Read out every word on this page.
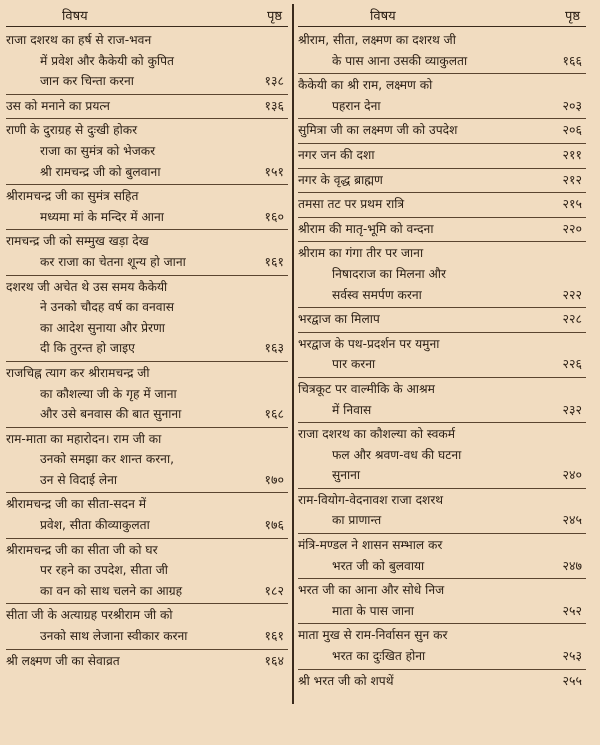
विषय	पृष्ठ
राजा दशरथ का हर्ष से राज-भवन
में प्रवेश और कैकेयी को कुपित
जान कर चिन्ता करना	१३८
उस को मनाने का प्रयत्न	१३६
राणी के दुराग्रह से दुःखी होकर
राजा का सुमंत्र को भेजकर
श्री रामचन्द्र जी को बुलवाना	१५१
श्रीरामचन्द्र जी का सुमंत्र सहित
मध्यमा मां के मन्दिर में आना	१६०
रामचन्द्र जी को सम्मुख खड़ा देख
कर राजा का चेतना शून्य हो जाना	१६१
दशरथ जी अचेत थे उस समय कैकेयी
ने उनको चौदह वर्ष का वनवास
का आदेश सुनाया और प्रेरणा
दी कि तुरन्त हो जाइए	१६३
राजचिह्न त्याग कर श्रीरामचन्द्र जी
का कौशल्या जी के गृह में जाना
और उसे बनवास की बात सुनाना	१६८
राम-माता का महारोदन। राम जी का
उनको समझा कर शान्त करना,
उन से विदाई लेना	१७०
श्रीरामचन्द्र जी का सीता-सदन में
प्रवेश, सीता कीव्याकुलता	१७६
श्रीरामचन्द्र जी का सीता जी को घर
पर रहने का उपदेश, सीता जी
का वन को साथ चलने का आग्रह	१८२
सीता जी के अत्याग्रह परश्रीराम जी को
उनको साथ लेजाना स्वीकार करना	१६१
श्री लक्ष्मण जी का सेवाव्रत	१६४
विषय	पृष्ठ
श्रीराम, सीता, लक्ष्मण का दशरथ जी
के पास आना उसकी व्याकुलता	१६६
कैकेयी का श्री राम, लक्ष्मण को
पहरान देना	२०३
सुमित्रा जी का लक्ष्मण जी को उपदेश	२०६
नगर जन की दशा	२११
नगर के वृद्ध ब्राह्मण	२१२
तमसा तट पर प्रथम रात्रि	२१५
श्रीराम की मातृ-भूमि को वन्दना	२२०
श्रीराम का गंगा तीर पर जाना
निषादराज का मिलना और
सर्वस्व समर्पण करना	२२२
भरद्वाज का मिलाप	२२८
भरद्वाज के पथ-प्रदर्शन पर यमुना
पार करना	२२६
चित्रकूट पर वाल्मीकि के आश्रम
में निवास	२३२
राजा दशरथ का कौशल्या को स्वकर्म
फल और श्रवण-वध की घटना
सुनाना	२४०
राम-वियोग-वेदनावश राजा दशरथ
का प्राणान्त	२४५
मंत्रि-मण्डल ने शासन सम्भाल कर
भरत जी को बुलवाया	२४७
भरत जी का आना और सोधे निज
माता के पास जाना	२५२
माता मुख से राम-निर्वासन सुन कर
भरत का दुःखित होना	२५३
श्री भरत जी को शपथें	२५५
